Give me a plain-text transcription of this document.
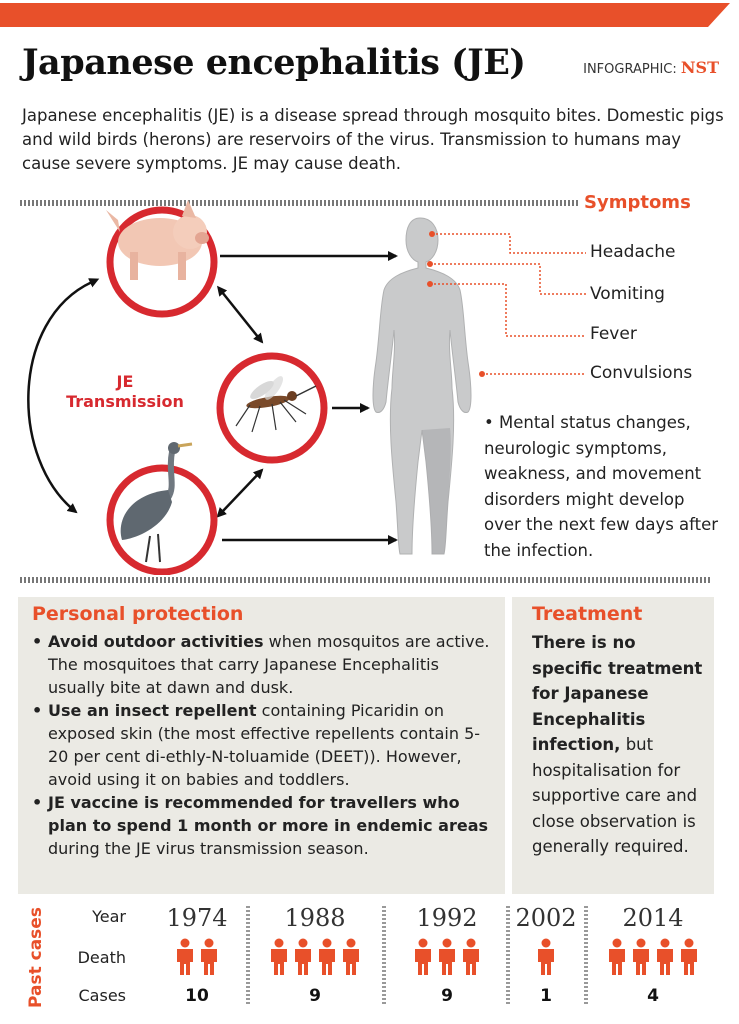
Japanese encephalitis (JE)	INFOGRAPHIC: NST
Japanese encephalitis (JE) is a disease spread through mosquito bites. Domestic pigs and wild birds (herons) are reservoirs of the virus. Transmission to humans may cause severe symptoms. JE may cause death.
JE
Transmission
Symptoms
Headache
Vomiting
Fever
Convulsions
• Mental status changes, neurologic symptoms, weakness, and movement disorders might develop over the next few days after the infection.
Personal protection
• Avoid outdoor activities when mosquitos are active. The mosquitoes that carry Japanese Encephalitis usually bite at dawn and dusk.
• Use an insect repellent containing Picaridin on exposed skin (the most effective repellents contain 5-20 per cent di-ethly-N-toluamide (DEET)). However, avoid using it on babies and toddlers.
• JE vaccine is recommended for travellers who plan to spend 1 month or more in endemic areas during the JE virus transmission season.
Treatment
There is no specific treatment for Japanese Encephalitis infection, but hospitalisation for supportive care and close observation is generally required.
Past cases	Year
Death
Cases
1974
10
1988
9
1992
9
2002
1
2014
4
